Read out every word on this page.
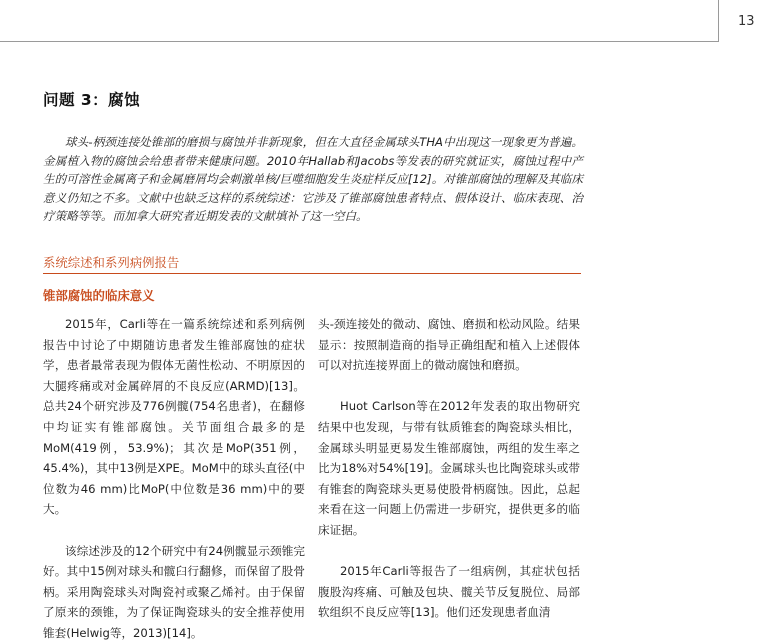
13
问题 3：腐蚀
球头-柄颈连接处锥部的磨损与腐蚀并非新现象，但在大直径金属球头THA中出现这一现象更为普遍。金属植入物的腐蚀会给患者带来健康问题。2010年Hallab和Jacobs等发表的研究就证实，腐蚀过程中产生的可溶性金属离子和金属磨屑均会刺激单核/巨噬细胞发生炎症样反应[12]。对锥部腐蚀的理解及其临床意义仍知之不多。文献中也缺乏这样的系统综述：它涉及了锥部腐蚀患者特点、假体设计、临床表现、治疗策略等等。而加拿大研究者近期发表的文献填补了这一空白。
系统综述和系列病例报告
锥部腐蚀的临床意义

2015年，Carli等在一篇系统综述和系列病例报告中讨论了中期随访患者发生锥部腐蚀的症状学，患者最常表现为假体无菌性松动、不明原因的大腿疼痛或对金属碎屑的不良反应(ARMD)[13]。总共24个研究涉及776例髋(754名患者)，在翻修中均证实有锥部腐蚀。关节面组合最多的是MoM(419例，53.9%)；其次是MoP(351例，45.4%)，其中13例是XPE。MoM中的球头直径(中位数为46 mm)比MoP(中位数是36 mm)中的要大。

该综述涉及的12个研究中有24例髋显示颈锥完好。其中15例对球头和髋臼行翻修，而保留了股骨柄。采用陶瓷球头对陶瓷衬或聚乙烯衬。由于保留了原来的颈锥，为了保证陶瓷球头的安全推荐使用锥套(Helwig等，2013)[14]。

头-颈连接处的微动、腐蚀、磨损和松动风险。结果显示：按照制造商的指导正确组配和植入上述假体可以对抗连接界面上的微动腐蚀和磨损。

Huot Carlson等在2012年发表的取出物研究结果中也发现，与带有钛质锥套的陶瓷球头相比，金属球头明显更易发生锥部腐蚀，两组的发生率之比为18%对54%[19]。金属球头也比陶瓷球头或带有锥套的陶瓷球头更易使股骨柄腐蚀。因此，总起来看在这一问题上仍需进一步研究，提供更多的临床证据。

2015年Carli等报告了一组病例，其症状包括腹股沟疼痛、可触及包块、髋关节反复脱位、局部软组织不良反应等[13]。他们还发现患者血清
